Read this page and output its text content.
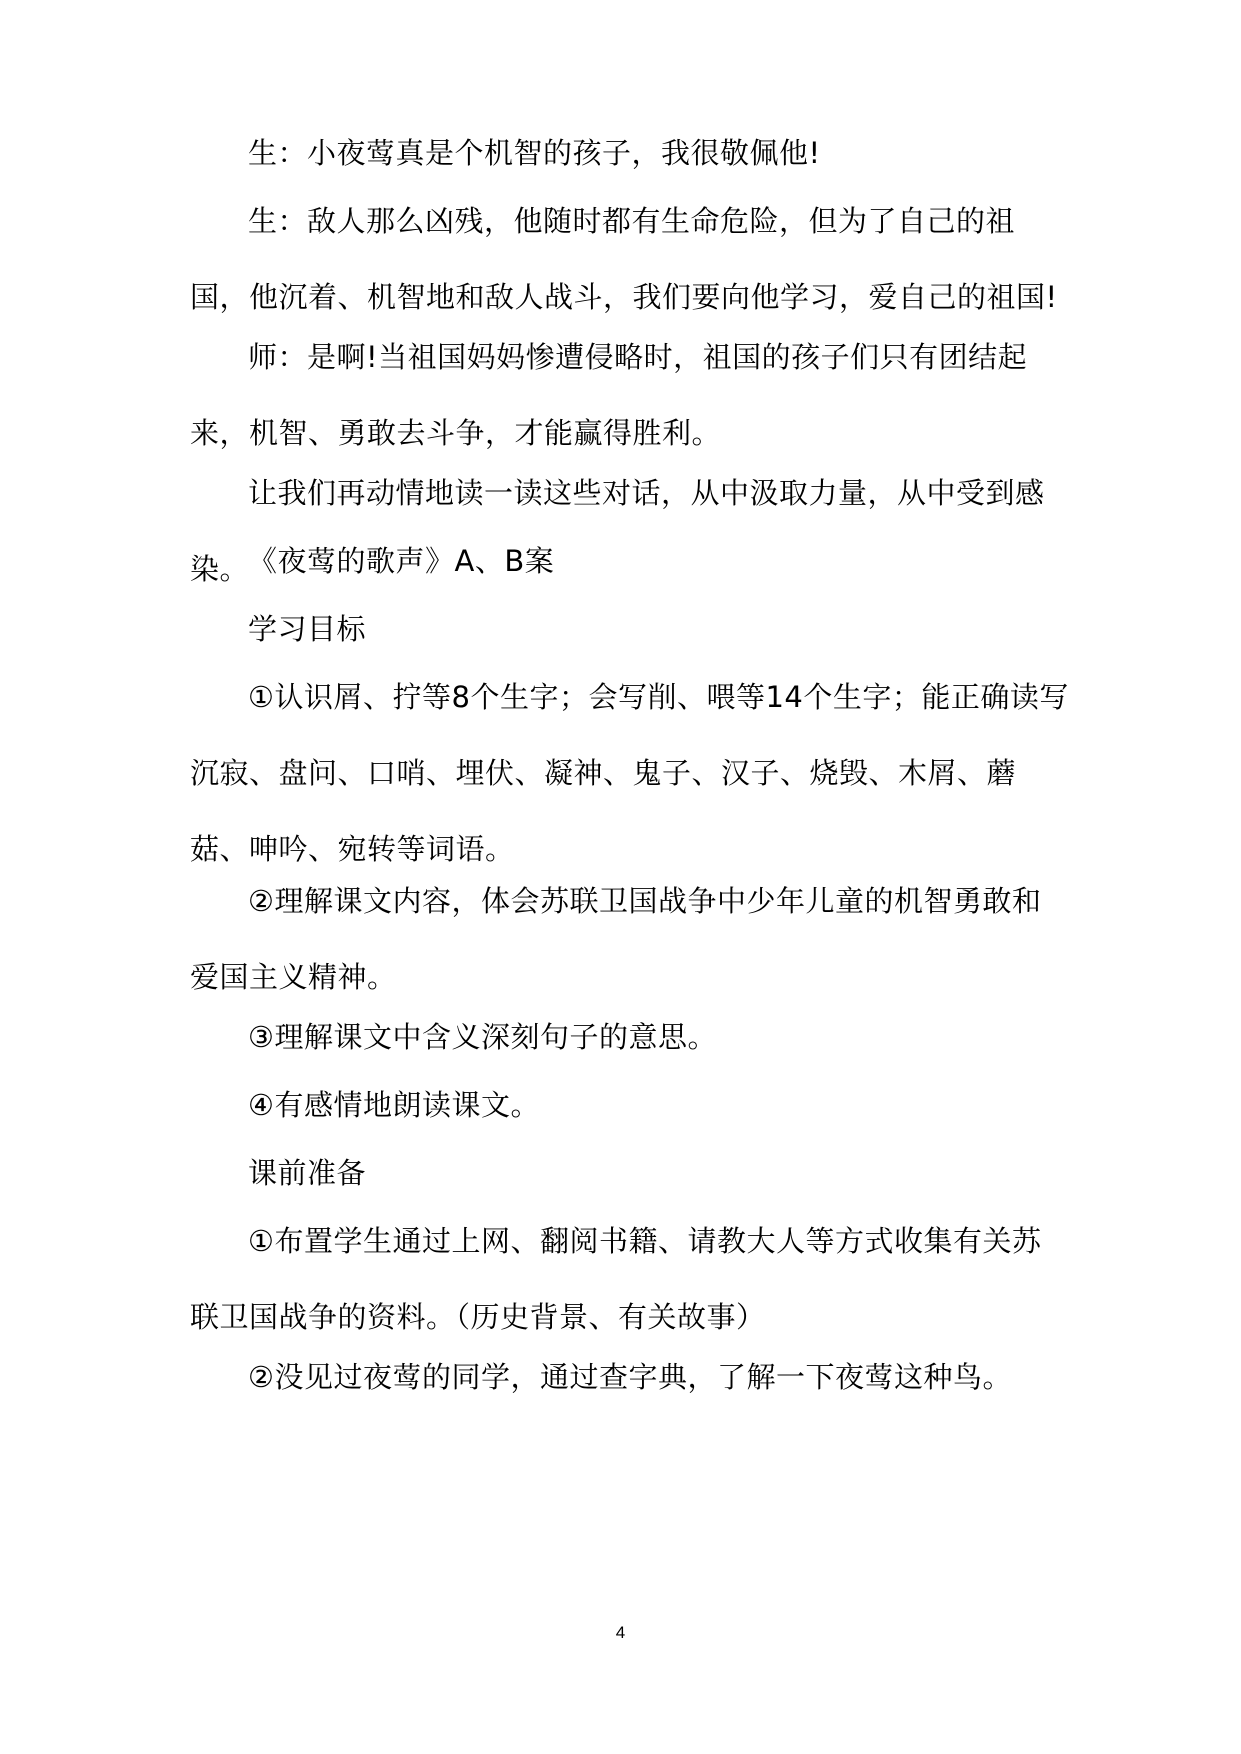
生：小夜莺真是个机智的孩子，我很敬佩他!

生：敌人那么凶残，他随时都有生命危险，但为了自己的祖国，他沉着、机智地和敌人战斗，我们要向他学习，爱自己的祖国!

师：是啊!当祖国妈妈惨遭侵略时，祖国的孩子们只有团结起来，机智、勇敢去斗争，才能赢得胜利。

让我们再动情地读一读这些对话，从中汲取力量，从中受到感染。

《夜莺的歌声》A、B案

学习目标

①认识屑、拧等8个生字；会写削、喂等14个生字；能正确读写沉寂、盘问、口哨、埋伏、凝神、鬼子、汉子、烧毁、木屑、蘑菇、呻吟、宛转等词语。

②理解课文内容，体会苏联卫国战争中少年儿童的机智勇敢和爱国主义精神。

③理解课文中含义深刻句子的意思。

④有感情地朗读课文。

课前准备

①布置学生通过上网、翻阅书籍、请教大人等方式收集有关苏联卫国战争的资料。（历史背景、有关故事）

②没见过夜莺的同学，通过查字典，了解一下夜莺这种鸟。

4
